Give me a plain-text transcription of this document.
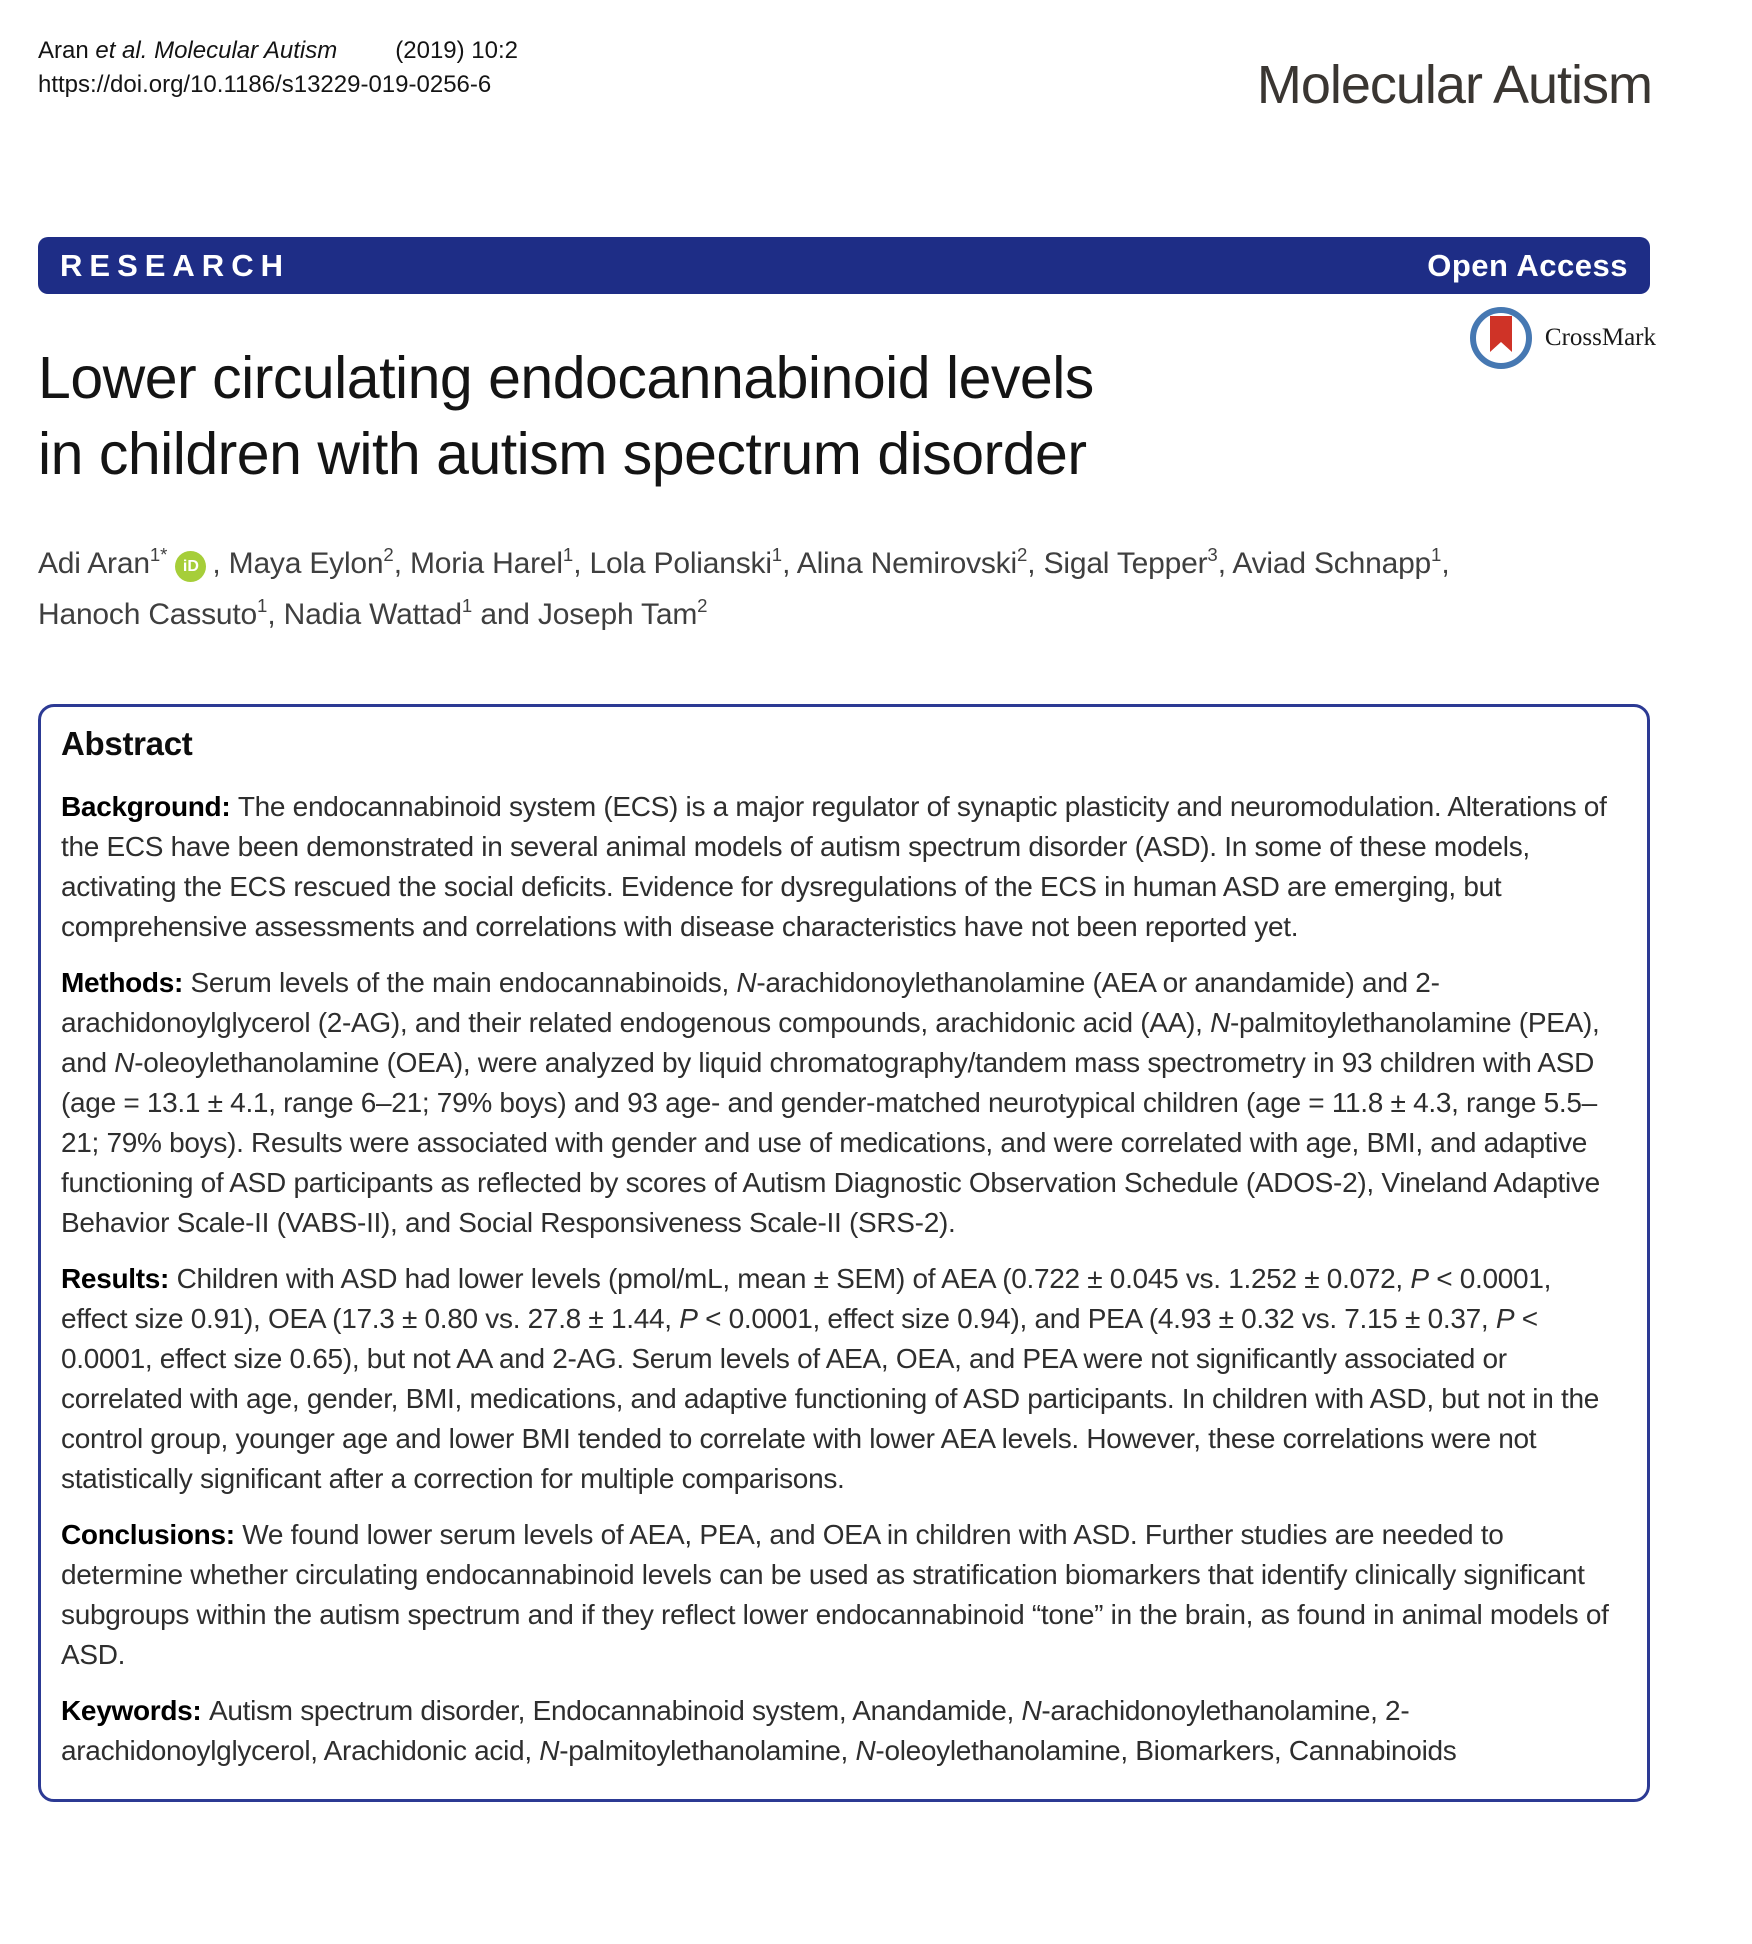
Aran et al. Molecular Autism (2019) 10:2
https://doi.org/10.1186/s13229-019-0256-6	Molecular Autism
RESEARCH	Open Access
Lower circulating endocannabinoid levels
in children with autism spectrum disorder
CrossMark
Adi Aran$^{1*}$iD , Maya Eylon$^2$, Moria Harel$^1$, Lola Polianski$^1$, Alina Nemirovski$^2$, Sigal Tepper$^3$, Aviad Schnapp$^1$,
Hanoch Cassuto$^1$, Nadia Wattad$^1$ and Joseph Tam$^2$
Abstract

Background: The endocannabinoid system (ECS) is a major regulator of synaptic plasticity and neuromodulation. Alterations of the ECS have been demonstrated in several animal models of autism spectrum disorder (ASD). In some of these models, activating the ECS rescued the social deficits. Evidence for dysregulations of the ECS in human ASD are emerging, but comprehensive assessments and correlations with disease characteristics have not been reported yet.

Methods: Serum levels of the main endocannabinoids, N-arachidonoylethanolamine (AEA or anandamide) and 2-arachidonoylglycerol (2-AG), and their related endogenous compounds, arachidonic acid (AA), N-palmitoylethanolamine (PEA), and N-oleoylethanolamine (OEA), were analyzed by liquid chromatography/tandem mass spectrometry in 93 children with ASD (age = 13.1 ± 4.1, range 6–21; 79% boys) and 93 age- and gender-matched neurotypical children (age = 11.8 ± 4.3, range 5.5–21; 79% boys). Results were associated with gender and use of medications, and were correlated with age, BMI, and adaptive functioning of ASD participants as reflected by scores of Autism Diagnostic Observation Schedule (ADOS-2), Vineland Adaptive Behavior Scale-II (VABS-II), and Social Responsiveness Scale-II (SRS-2).

Results: Children with ASD had lower levels (pmol/mL, mean ± SEM) of AEA (0.722 ± 0.045 vs. 1.252 ± 0.072, P < 0.0001, effect size 0.91), OEA (17.3 ± 0.80 vs. 27.8 ± 1.44, P < 0.0001, effect size 0.94), and PEA (4.93 ± 0.32 vs. 7.15 ± 0.37, P < 0.0001, effect size 0.65), but not AA and 2-AG. Serum levels of AEA, OEA, and PEA were not significantly associated or correlated with age, gender, BMI, medications, and adaptive functioning of ASD participants. In children with ASD, but not in the control group, younger age and lower BMI tended to correlate with lower AEA levels. However, these correlations were not statistically significant after a correction for multiple comparisons.

Conclusions: We found lower serum levels of AEA, PEA, and OEA in children with ASD. Further studies are needed to determine whether circulating endocannabinoid levels can be used as stratification biomarkers that identify clinically significant subgroups within the autism spectrum and if they reflect lower endocannabinoid “tone” in the brain, as found in animal models of ASD.

Keywords: Autism spectrum disorder, Endocannabinoid system, Anandamide, N-arachidonoylethanolamine, 2-arachidonoylglycerol, Arachidonic acid, N-palmitoylethanolamine, N-oleoylethanolamine, Biomarkers, Cannabinoids
